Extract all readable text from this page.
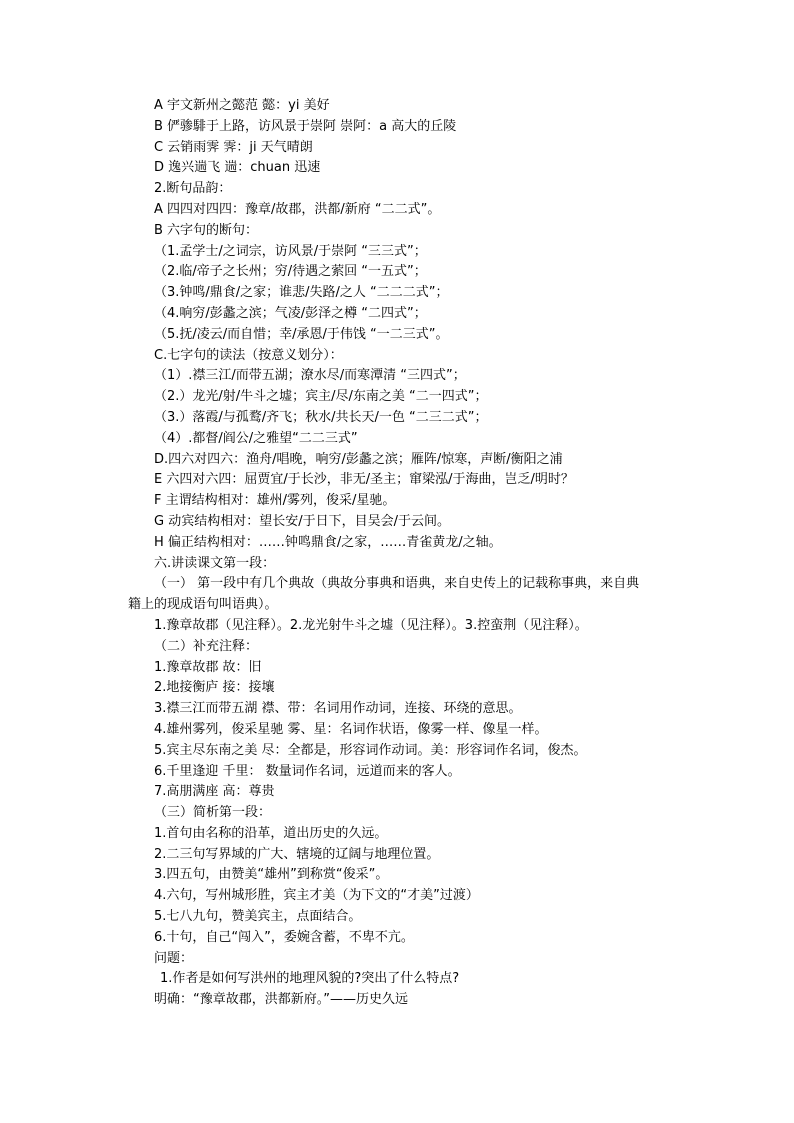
A 宇文新州之懿范 懿：yi 美好

B 俨骖騑于上路，访风景于崇阿 崇阿：a 高大的丘陵

C 云销雨霁 霁：ji 天气晴朗

D 逸兴遄飞 遄：chuan 迅速

2.断句品韵：

A 四四对四四：豫章/故郡，洪都/新府 “二二式”。

B 六字句的断句：

（1.孟学士/之词宗，访风景/于崇阿 “三三式”；

（2.临/帝子之长州；穷/待遇之萦回 “一五式”；

（3.钟鸣/鼎食/之家；谁悲/失路/之人 “二二二式”；

（4.响穷/彭蠡之滨；气凌/彭泽之樽 “二四式”；

（5.抚/凌云/而自惜；幸/承恩/于伟饯 “一二三式”。

C.七字句的读法（按意义划分）：

（1）.襟三江/而带五湖；潦水尽/而寒潭清 “三四式”；

（2.）龙光/射/牛斗之墟；宾主/尽/东南之美 “二一四式”；

（3.）落霞/与孤鹜/齐飞；秋水/共长天/一色 “二三二式”；

（4）.都督/阎公/之雅望“二二三式”

D.四六对四六：渔舟/唱晚，响穷/彭蠡之滨；雁阵/惊寒，声断/衡阳之浦

E 六四对六四：屈贾宜/于长沙，非无/圣主；窜梁泓/于海曲，岂乏/明时？

F 主谓结构相对：雄州/雾列，俊采/星驰。

G 动宾结构相对：望长安/于日下，目吴会/于云间。

H 偏正结构相对：……钟鸣鼎食/之家，……青雀黄龙/之轴。

六.讲读课文第一段：

（一） 第一段中有几个典故（典故分事典和语典，来自史传上的记载称事典，来自典籍上的现成语句叫语典）。

1.豫章故郡（见注释）。2.龙光射牛斗之墟（见注释）。3.控蛮荆（见注释）。

（二）补充注释：

1.豫章故郡 故：旧

2.地接衡庐 接：接壤

3.襟三江而带五湖 襟、带：名词用作动词，连接、环绕的意思。

4.雄州雾列，俊采星驰 雾、星：名词作状语，像雾一样、像星一样。

5.宾主尽东南之美 尽：全都是，形容词作动词。美：形容词作名词，俊杰。

6.千里逢迎 千里： 数量词作名词，远道而来的客人。

7.高朋满座 高：尊贵

（三）简析第一段：

1.首句由名称的沿革，道出历史的久远。

2.二三句写界域的广大、辖境的辽阔与地理位置。

3.四五句，由赞美“雄州”到称赏“俊采”。

4.六句，写州城形胜，宾主才美（为下文的“才美”过渡）

5.七八九句，赞美宾主，点面结合。

6.十句，自己“闯入”，委婉含蓄，不卑不亢。

问题：

1.作者是如何写洪州的地理风貌的?突出了什么特点?

明确：“豫章故郡，洪都新府。”——历史久远
